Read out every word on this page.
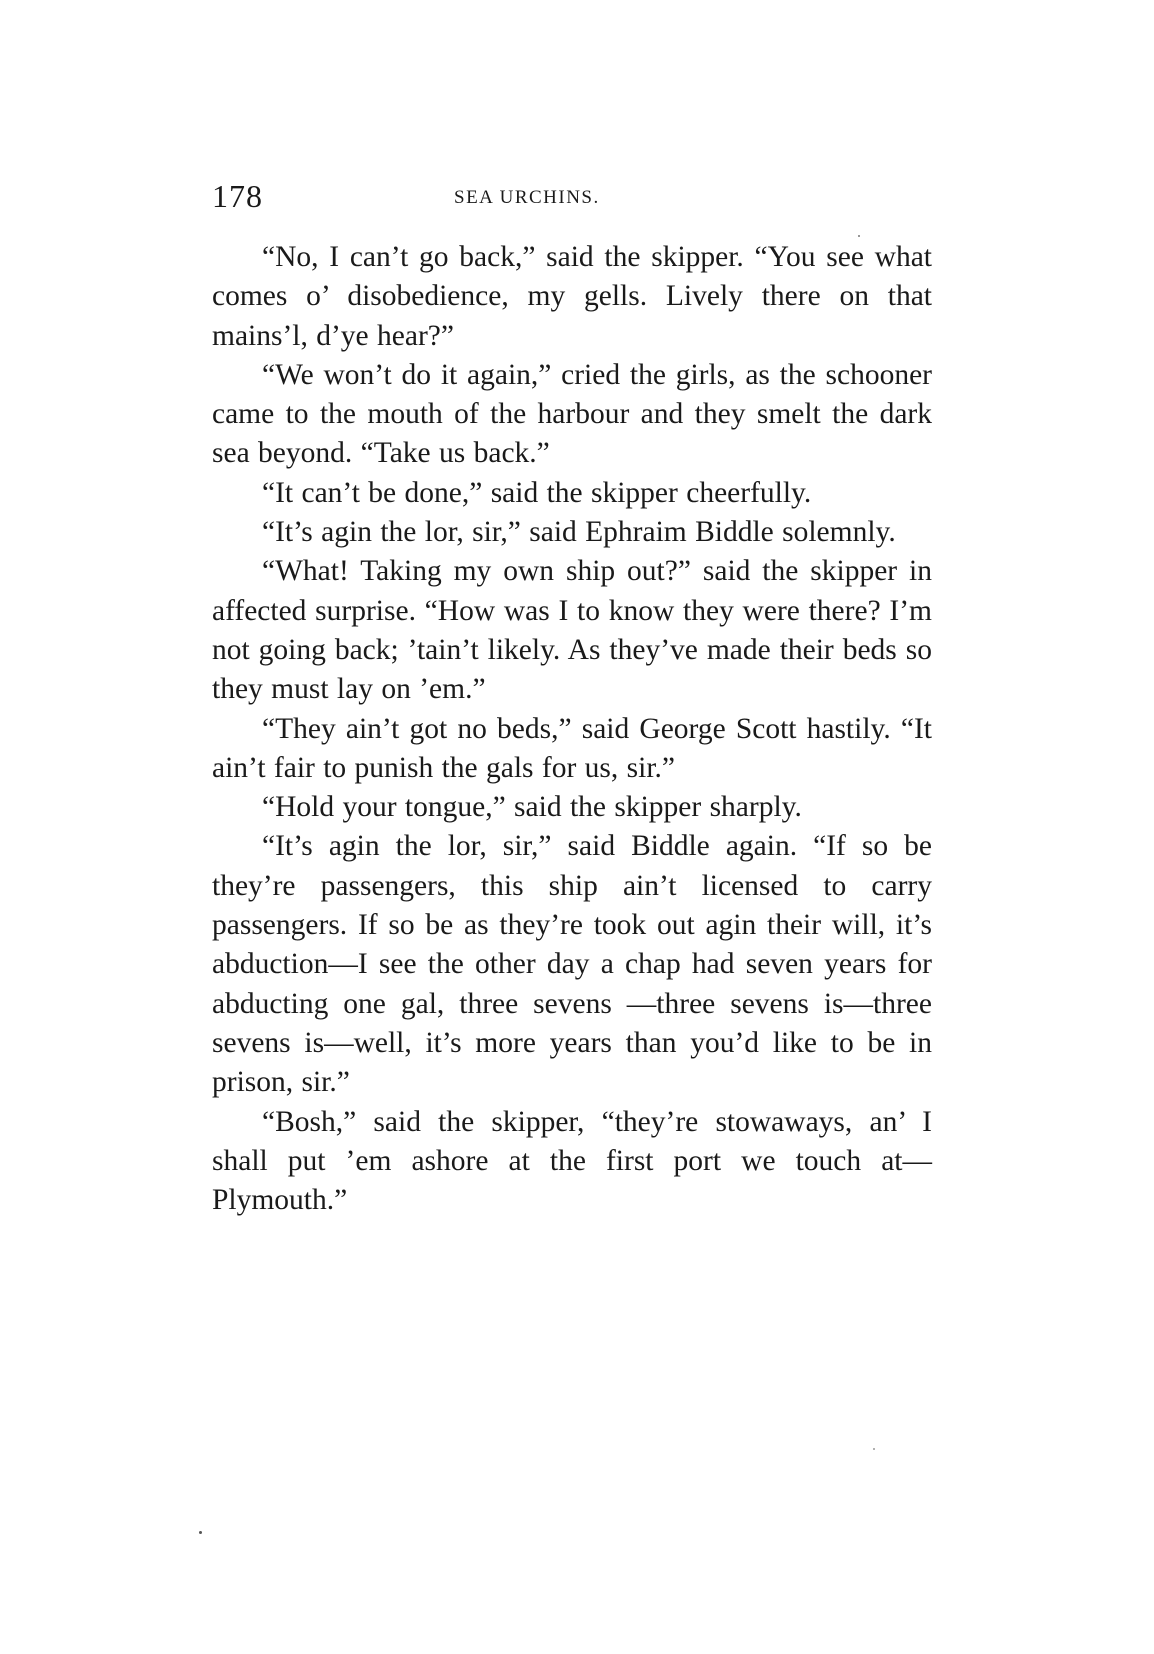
178	SEA URCHINS.

“No, I can’t go back,” said the skipper. “You see what comes o’ disobedience, my gells. Lively there on that mains’l, d’ye hear?”

“We won’t do it again,” cried the girls, as the schooner came to the mouth of the harbour and they smelt the dark sea beyond. “Take us back.”

“It can’t be done,” said the skipper cheerfully.

“It’s agin the lor, sir,” said Ephraim Biddle solemnly.

“What! Taking my own ship out?” said the skipper in affected surprise. “How was I to know they were there? I’m not going back; ’tain’t likely. As they’ve made their beds so they must lay on ’em.”

“They ain’t got no beds,” said George Scott hastily. “It ain’t fair to punish the gals for us, sir.”

“Hold your tongue,” said the skipper sharply.

“It’s agin the lor, sir,” said Biddle again. “If so be they’re passengers, this ship ain’t licensed to carry passengers. If so be as they’re took out agin their will, it’s abduction—I see the other day a chap had seven years for abducting one gal, three sevens —three sevens is—three sevens is—well, it’s more years than you’d like to be in prison, sir.”

“Bosh,” said the skipper, “they’re stowaways, an’ I shall put ’em ashore at the first port we touch at—Plymouth.”
